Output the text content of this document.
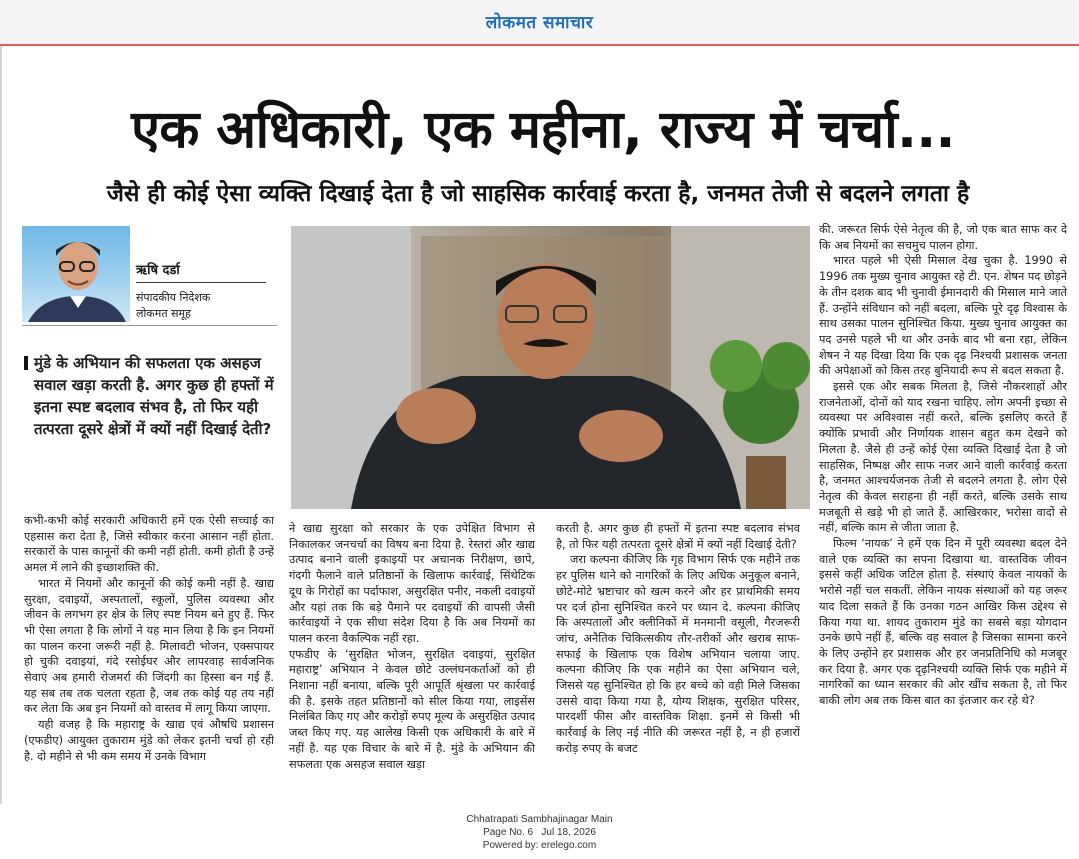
लोकमत समाचार
एक अधिकारी, एक महीना, राज्य में चर्चा...
जैसे ही कोई ऐसा व्यक्ति दिखाई देता है जो साहसिक कार्रवाई करता है, जनमत तेजी से बदलने लगता है
ऋषि दर्डा
संपादकीय निदेशक
लोकमत समूह
मुंडे के अभियान की सफलता एक असहज सवाल खड़ा करती है. अगर कुछ ही हफ्तों में इतना स्पष्ट बदलाव संभव है, तो फिर यही तत्परता दूसरे क्षेत्रों में क्यों नहीं दिखाई देती?

कभी-कभी कोई सरकारी अधिकारी हमें एक ऐसी सच्चाई का एहसास करा देता है, जिसे स्वीकार करना आसान नहीं होता. सरकारों के पास कानूनों की कमी नहीं होती. कमी होती है उन्हें अमल में लाने की इच्छाशक्ति की.

भारत में नियमों और कानूनों की कोई कमी नहीं है. खाद्य सुरक्षा, दवाइयों, अस्पतालों, स्कूलों, पुलिस व्यवस्था और जीवन के लगभग हर क्षेत्र के लिए स्पष्ट नियम बने हुए हैं. फिर भी ऐसा लगता है कि लोगों ने यह मान लिया है कि इन नियमों का पालन करना जरूरी नहीं है. मिलावटी भोजन, एक्सपायर हो चुकी दवाइयां, गंदे रसोईघर और लापरवाह सार्वजनिक सेवाएं अब हमारी रोजमर्रा की जिंदगी का हिस्सा बन गई हैं. यह सब तब तक चलता रहता है, जब तक कोई यह तय नहीं कर लेता कि अब इन नियमों को वास्तव में लागू किया जाएगा.

यही वजह है कि महाराष्ट्र के खाद्य एवं औषधि प्रशासन (एफडीए) आयुक्त तुकाराम मुंडे को लेकर इतनी चर्चा हो रही है. दो महीने से भी कम समय में उनके विभाग

ने खाद्य सुरक्षा को सरकार के एक उपेक्षित विभाग से निकालकर जनचर्चा का विषय बना दिया है. रेस्तरां और खाद्य उत्पाद बनाने वाली इकाइयों पर अचानक निरीक्षण, छापे, गंदगी फैलाने वाले प्रतिष्ठानों के खिलाफ कार्रवाई, सिंथेटिक दूध के गिरोहों का पर्दाफाश, असुरक्षित पनीर, नकली दवाइयों और यहां तक कि बड़े पैमाने पर दवाइयों की वापसी जैसी कार्रवाइयों ने एक सीधा संदेश दिया है कि अब नियमों का पालन करना वैकल्पिक नहीं रहा.

एफडीए के ‘सुरक्षित भोजन, सुरक्षित दवाइयां, सुरक्षित महाराष्ट्र’ अभियान ने केवल छोटे उल्लंघनकर्ताओं को ही निशाना नहीं बनाया, बल्कि पूरी आपूर्ति श्रृंखला पर कार्रवाई की है. इसके तहत प्रतिष्ठानों को सील किया गया, लाइसेंस निलंबित किए गए और करोड़ों रुपए मूल्य के असुरक्षित उत्पाद जब्त किए गए. यह आलेख किसी एक अधिकारी के बारे में नहीं है. यह एक विचार के बारे में है. मुंडे के अभियान की सफलता एक असहज सवाल खड़ा

करती है. अगर कुछ ही हफ्तों में इतना स्पष्ट बदलाव संभव है, तो फिर यही तत्परता दूसरे क्षेत्रों में क्यों नहीं दिखाई देती?

जरा कल्पना कीजिए कि गृह विभाग सिर्फ एक महीने तक हर पुलिस थाने को नागरिकों के लिए अधिक अनुकूल बनाने, छोटे-मोटे भ्रष्टाचार को खत्म करने और हर प्राथमिकी समय पर दर्ज होना सुनिश्चित करने पर ध्यान दे. कल्पना कीजिए कि अस्पतालों और क्लीनिकों में मनमानी वसूली, गैरजरूरी जांच, अनैतिक चिकित्सकीय तौर-तरीकों और खराब साफ-सफाई के खिलाफ एक विशेष अभियान चलाया जाए. कल्पना कीजिए कि एक महीने का ऐसा अभियान चले, जिससे यह सुनिश्चित हो कि हर बच्चे को वही मिले जिसका उससे वादा किया गया है, योग्य शिक्षक, सुरक्षित परिसर, पारदर्शी फीस और वास्तविक शिक्षा. इनमें से किसी भी कार्रवाई के लिए नई नीति की जरूरत नहीं है, न ही हजारों करोड़ रुपए के बजट

की. जरूरत सिर्फ ऐसे नेतृत्व की है, जो एक बात साफ कर दे कि अब नियमों का सचमुच पालन होगा.

भारत पहले भी ऐसी मिसाल देख चुका है. 1990 से 1996 तक मुख्य चुनाव आयुक्त रहे टी. एन. शेषन पद छोड़ने के तीन दशक बाद भी चुनावी ईमानदारी की मिसाल माने जाते हैं. उन्होंने संविधान को नहीं बदला, बल्कि पूरे दृढ़ विश्वास के साथ उसका पालन सुनिश्चित किया. मुख्य चुनाव आयुक्त का पद उनसे पहले भी था और उनके बाद भी बना रहा, लेकिन शेषन ने यह दिखा दिया कि एक दृढ़ निश्चयी प्रशासक जनता की अपेक्षाओं को किस तरह बुनियादी रूप से बदल सकता है.

इससे एक और सबक मिलता है, जिसे नौकरशाहों और राजनेताओं, दोनों को याद रखना चाहिए. लोग अपनी इच्छा से व्यवस्था पर अविश्वास नहीं करते, बल्कि इसलिए करते हैं क्योंकि प्रभावी और निर्णायक शासन बहुत कम देखने को मिलता है. जैसे ही उन्हें कोई ऐसा व्यक्ति दिखाई देता है जो साहसिक, निष्पक्ष और साफ नजर आने वाली कार्रवाई करता है, जनमत आश्चर्यजनक तेजी से बदलने लगता है. लोग ऐसे नेतृत्व की केवल सराहना ही नहीं करते, बल्कि उसके साथ मजबूती से खड़े भी हो जाते हैं. आखिरकार, भरोसा वादों से नहीं, बल्कि काम से जीता जाता है.

फिल्म ‘नायक’ ने हमें एक दिन में पूरी व्यवस्था बदल देने वाले एक व्यक्ति का सपना दिखाया था. वास्तविक जीवन इससे कहीं अधिक जटिल होता है. संस्थाएं केवल नायकों के भरोसे नहीं चल सकतीं. लेकिन नायक संस्थाओं को यह जरूर याद दिला सकते हैं कि उनका गठन आखिर किस उद्देश्य से किया गया था. शायद तुकाराम मुंडे का सबसे बड़ा योगदान उनके छापे नहीं हैं, बल्कि वह सवाल है जिसका सामना करने के लिए उन्होंने हर प्रशासक और हर जनप्रतिनिधि को मजबूर कर दिया है. अगर एक दृढ़निश्चयी व्यक्ति सिर्फ एक महीने में नागरिकों का ध्यान सरकार की ओर खींच सकता है, तो फिर बाकी लोग अब तक किस बात का इंतजार कर रहे थे?

Chhatrapati Sambhajinagar Main
Page No. 6   Jul 18, 2026
Powered by: erelego.com
